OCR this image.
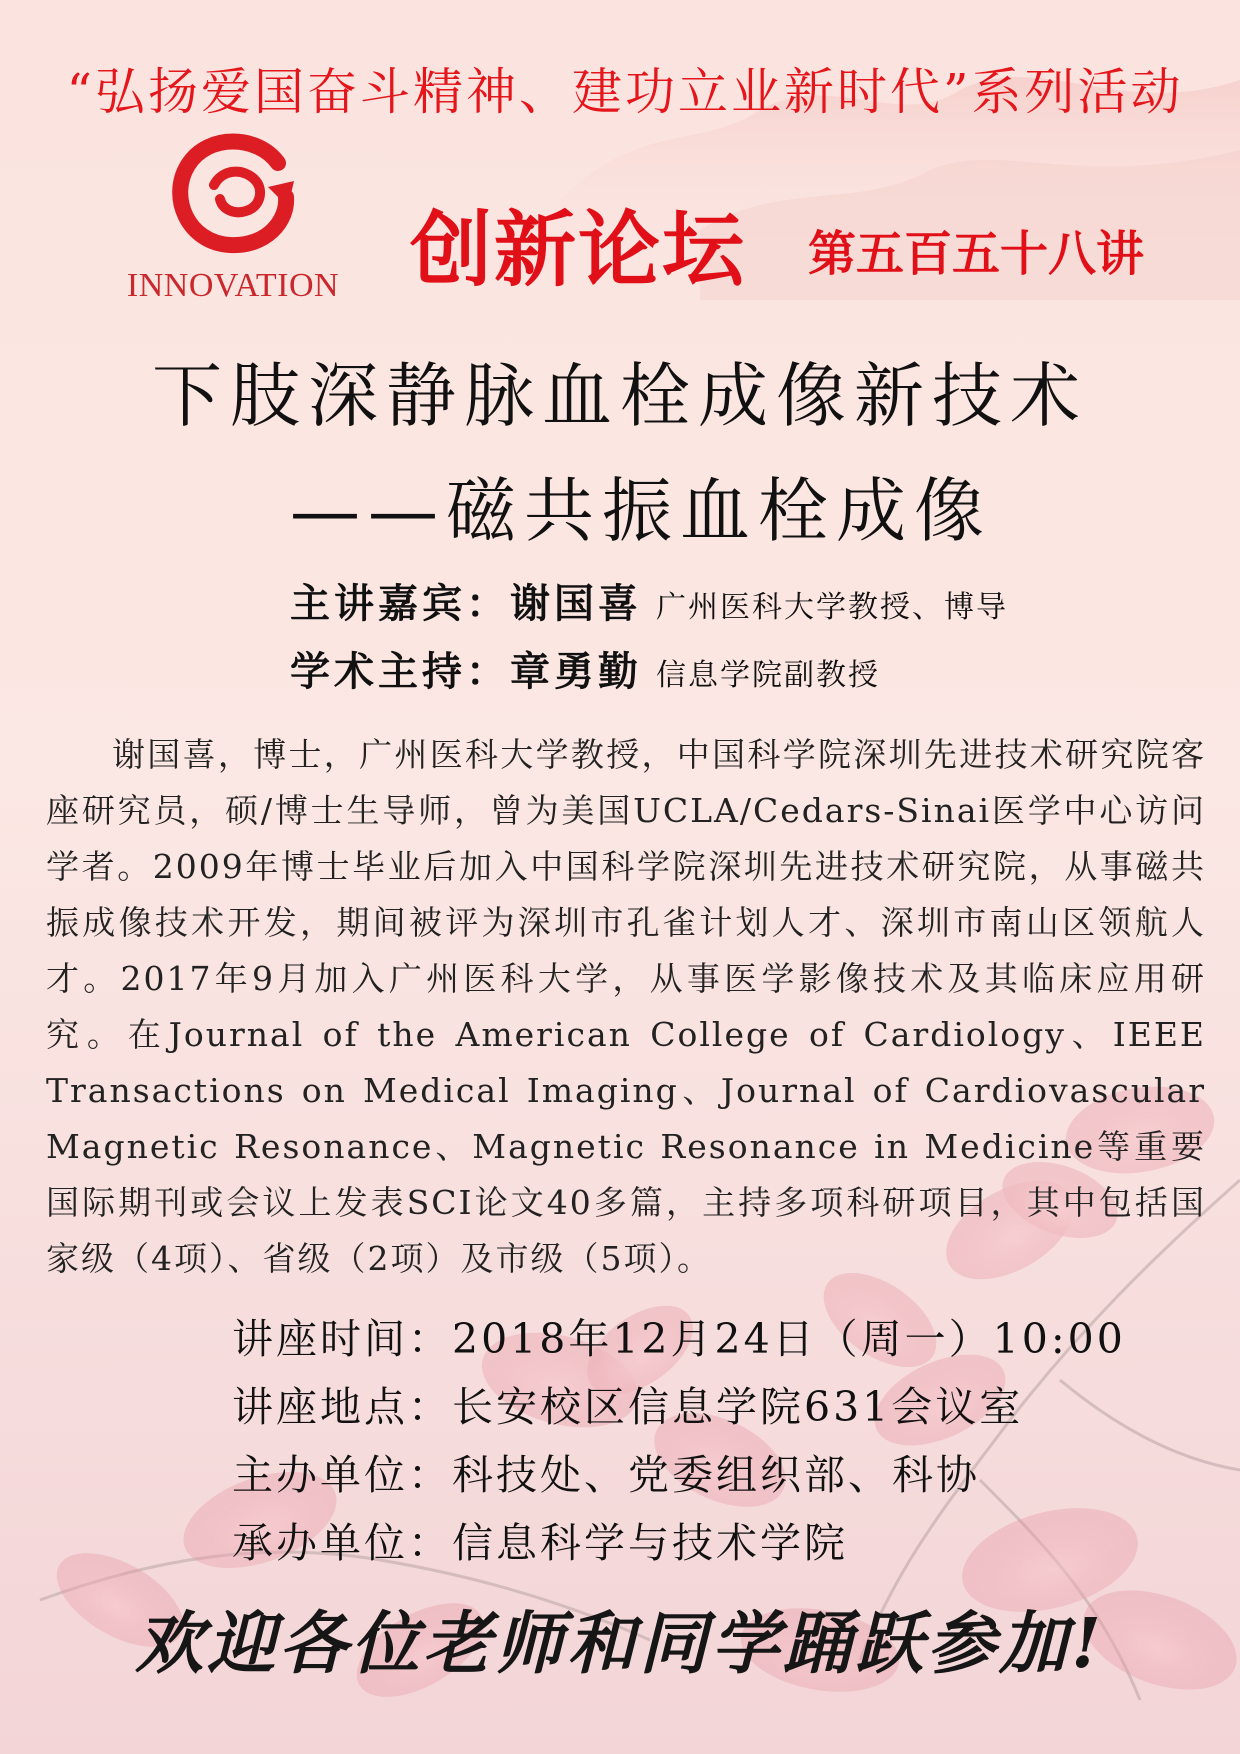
“弘扬爱国奋斗精神、建功立业新时代”系列活动
INNOVATION 创新论坛 第五百五十八讲
下肢深静脉血栓成像新技术
——磁共振血栓成像
主讲嘉宾：谢国喜 广州医科大学教授、博导
学术主持：章勇勤 信息学院副教授
谢国喜，博士，广州医科大学教授，中国科学院深圳先进技术研究院客座研究员，硕/博士生导师，曾为美国UCLA/Cedars-Sinai医学中心访问学者。2009年博士毕业后加入中国科学院深圳先进技术研究院，从事磁共振成像技术开发，期间被评为深圳市孔雀计划人才、深圳市南山区领航人才。2017年9月加入广州医科大学，从事医学影像技术及其临床应用研究。在Journal of the American College of Cardiology、IEEE Transactions on Medical Imaging、Journal of Cardiovascular Magnetic Resonance、Magnetic Resonance in Medicine等重要国际期刊或会议上发表SCI论文40多篇，主持多项科研项目，其中包括国家级（4项）、省级（2项）及市级（5项）。
讲座时间：2018年12月24日（周一）10:00
讲座地点：长安校区信息学院631会议室
主办单位：科技处、党委组织部、科协
承办单位：信息科学与技术学院
欢迎各位老师和同学踊跃参加!
